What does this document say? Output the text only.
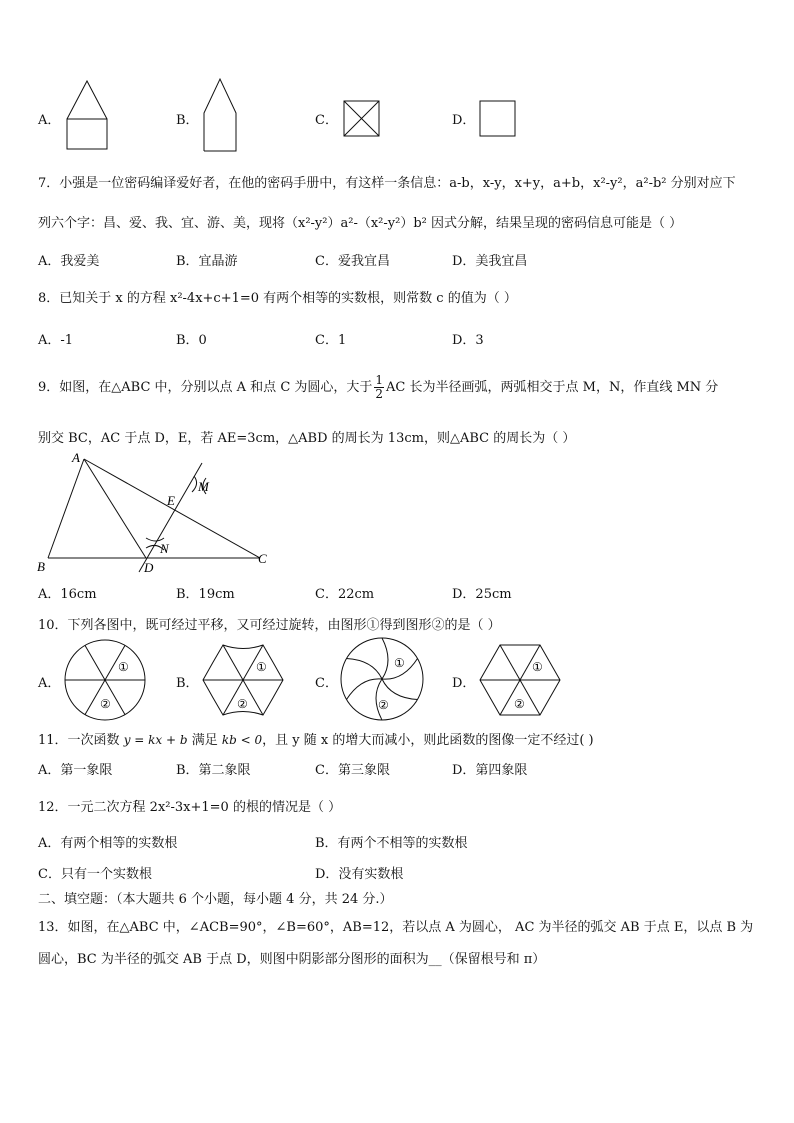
A．	B．	C．	D．
7．小强是一位密码编译爱好者，在他的密码手册中，有这样一条信息：a-b，x-y，x+y，a+b，x²-y²，a²-b² 分别对应下
列六个字：昌、爱、我、宜、游、美，现将（x²-y²）a²-（x²-y²）b² 因式分解，结果呈现的密码信息可能是（ ）
A．我爱美	B．宜晶游	C．爱我宜昌	D．美我宜昌
8．已知关于 x 的方程 x²-4x+c+1=0 有两个相等的实数根，则常数 c 的值为（ ）
A．-1	B．0	C．1	D．3
9．如图，在△ABC 中，分别以点 A 和点 C 为圆心，大于 $\frac{1}{2}$ AC 长为半径画弧，两弧相交于点 M，N，作直线 MN 分
别交 BC，AC 于点 D，E，若 AE=3cm，△ABD 的周长为 13cm，则△ABC 的周长为（ ）
A
B
C
D
E
M
N
A．16cm	B．19cm	C．22cm	D．25cm
10．下列各图中，既可经过平移，又可经过旋转，由图形①得到图形②的是（ ）
A．
①
②
B．
①
②
C．
①
②
D．
①
②
11．一次函数 y = kx + b 满足 kb < 0，且 y 随 x 的增大而减小，则此函数的图像一定不经过( )
A．第一象限	B．第二象限	C．第三象限	D．第四象限
12．一元二次方程 2x²-3x+1=0 的根的情况是（ ）
A．有两个相等的实数根	B．有两个不相等的实数根
C．只有一个实数根	D．没有实数根
二、填空题：（本大题共 6 个小题，每小题 4 分，共 24 分.）
13．如图，在△ABC 中，∠ACB=90°，∠B=60°，AB=12，若以点 A 为圆心， AC 为半径的弧交 AB 于点 E，以点 B 为
圆心，BC 为半径的弧交 AB 于点 D，则图中阴影部分图形的面积为__（保留根号和 π）
